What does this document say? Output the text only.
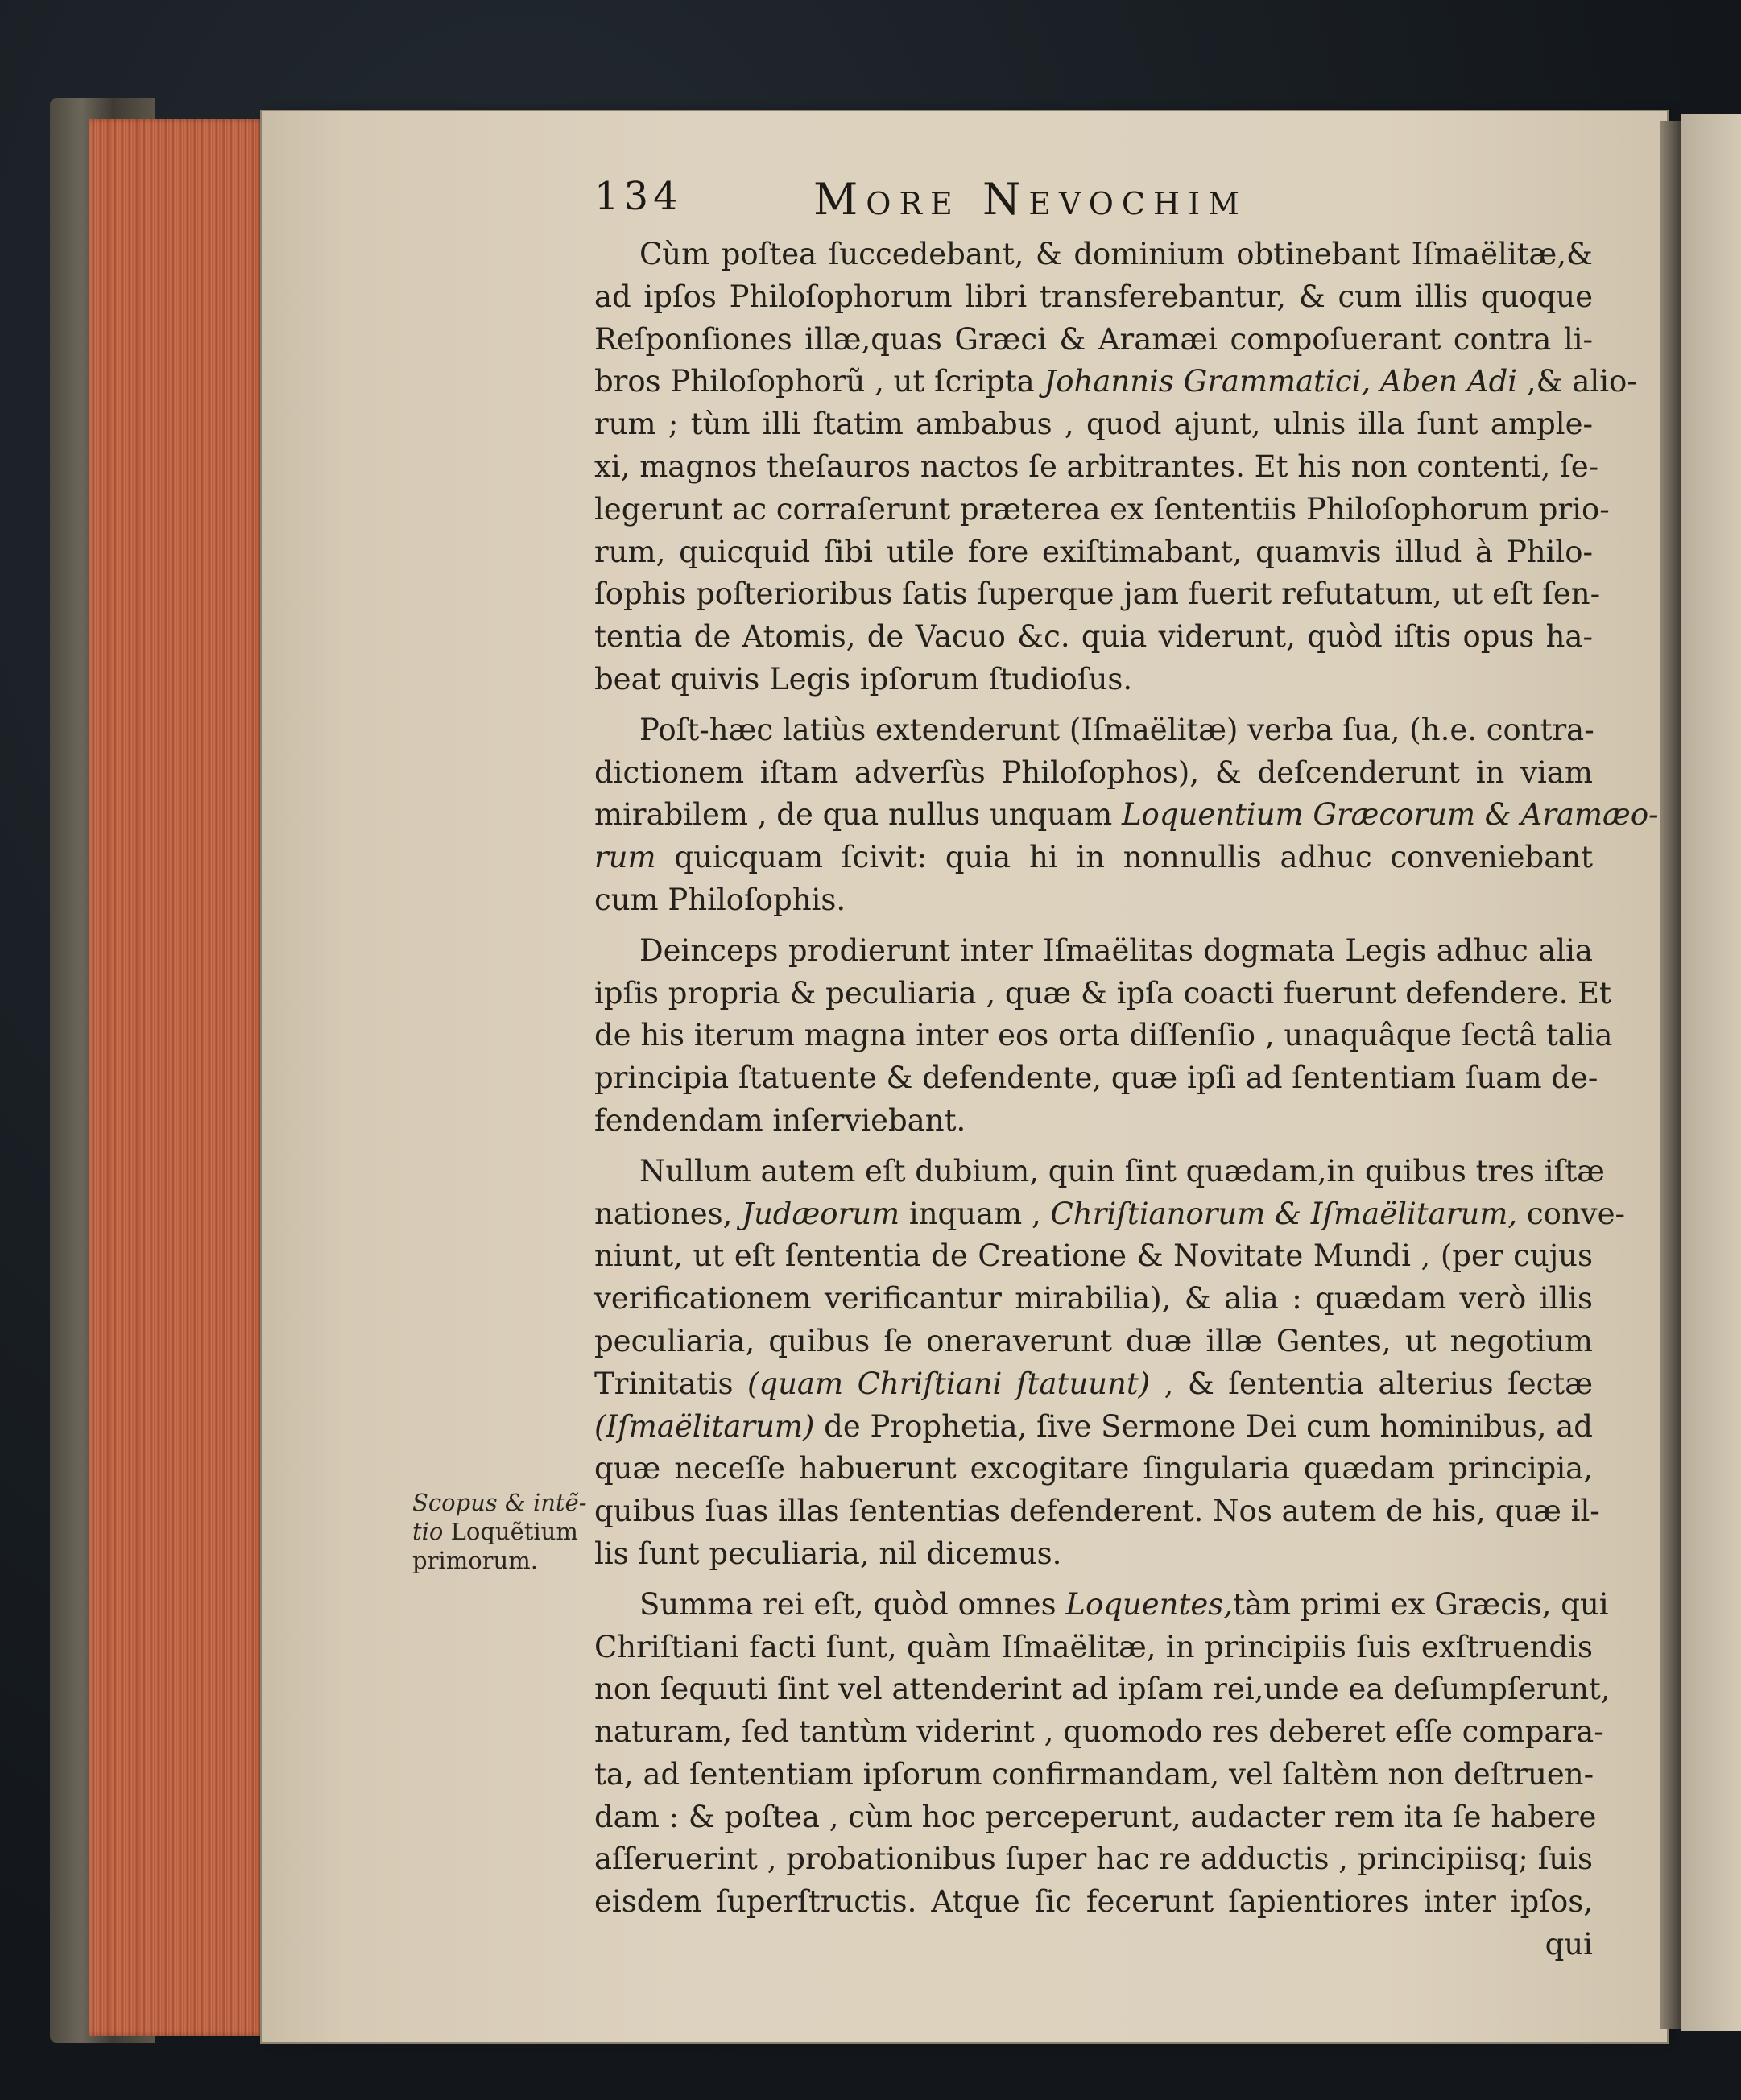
134	More Nevochim
Scopus & intẽ-
tio Loquẽtium
primorum.
Cùm poſtea ſuccedebant, & dominium obtinebant Iſmaëlitæ,&
ad ipſos Philoſophorum libri transferebantur, & cum illis quoque
Reſponſiones illæ,quas Græci & Aramæi compoſuerant contra li-
bros Philoſophorũ , ut ſcripta Johannis Grammatici, Aben Adi ,& alio-
rum ; tùm illi ſtatim ambabus , quod ajunt, ulnis illa ſunt ample-
xi, magnos theſauros nactos ſe arbitrantes. Et his non contenti, ſe-
legerunt ac corraſerunt præterea ex ſententiis Philoſophorum prio-
rum, quicquid ſibi utile fore exiſtimabant, quamvis illud à Philo-
ſophis poſterioribus ſatis ſuperque jam fuerit refutatum, ut eſt ſen-
tentia de Atomis, de Vacuo &c. quia viderunt, quòd iſtis opus ha-
beat quivis Legis ipſorum ſtudioſus.
Poſt-hæc latiùs extenderunt (Iſmaëlitæ) verba ſua, (h.e. contra-
dictionem iſtam adverſùs Philoſophos), & deſcenderunt in viam
mirabilem , de qua nullus unquam Loquentium Græcorum & Aramæo-
rum quicquam ſcivit: quia hi in nonnullis adhuc conveniebant
cum Philoſophis.
Deinceps prodierunt inter Iſmaëlitas dogmata Legis adhuc alia
ipſis propria & peculiaria , quæ & ipſa coacti fuerunt defendere. Et
de his iterum magna inter eos orta diſſenſio , unaquâque ſectâ talia
principia ſtatuente & defendente, quæ ipſi ad ſententiam ſuam de-
fendendam inſerviebant.
Nullum autem eſt dubium, quin ſint quædam,in quibus tres iſtæ
nationes, Judæorum inquam , Chriſtianorum & Iſmaëlitarum, conve-
niunt, ut eſt ſententia de Creatione & Novitate Mundi , (per cujus
verificationem verificantur mirabilia), & alia : quædam verò illis
peculiaria, quibus ſe oneraverunt duæ illæ Gentes, ut negotium
Trinitatis (quam Chriſtiani ſtatuunt) , & ſententia alterius ſectæ
(Iſmaëlitarum) de Prophetia, ſive Sermone Dei cum hominibus, ad
quæ neceſſe habuerunt excogitare ſingularia quædam principia,
quibus ſuas illas ſententias defenderent. Nos autem de his, quæ il-
lis ſunt peculiaria, nil dicemus.
Summa rei eſt, quòd omnes Loquentes,tàm primi ex Græcis, qui
Chriſtiani facti ſunt, quàm Iſmaëlitæ, in principiis ſuis exſtruendis
non ſequuti ſint vel attenderint ad ipſam rei,unde ea deſumpſerunt,
naturam, ſed tantùm viderint , quomodo res deberet eſſe compara-
ta, ad ſententiam ipſorum confirmandam, vel ſaltèm non deſtruen-
dam : & poſtea , cùm hoc perceperunt, audacter rem ita ſe habere
aſſeruerint , probationibus ſuper hac re adductis , principiisq; ſuis
eisdem ſuperſtructis. Atque ſic fecerunt ſapientiores inter ipſos,
qui
